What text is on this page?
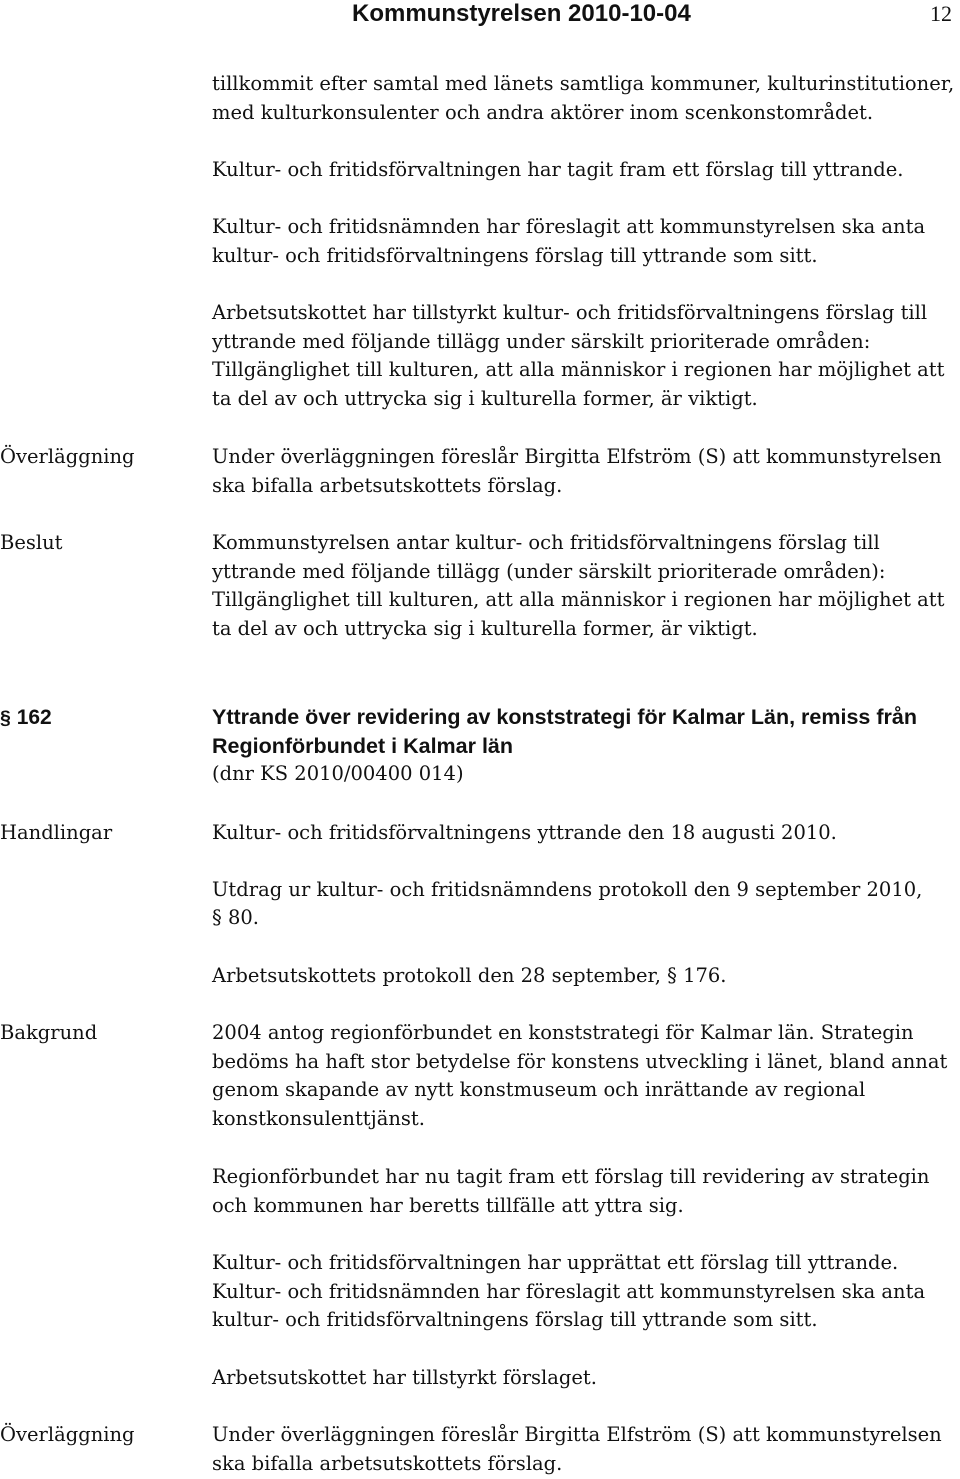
Kommunstyrelsen 2010-10-04	12

tillkommit efter samtal med länets samtliga kommuner, kulturinstitutioner, med kulturkonsulenter och andra aktörer inom scenkonstområdet.

Kultur- och fritidsförvaltningen har tagit fram ett förslag till yttrande.

Kultur- och fritidsnämnden har föreslagit att kommunstyrelsen ska anta kultur- och fritidsförvaltningens förslag till yttrande som sitt.

Arbetsutskottet har tillstyrkt kultur- och fritidsförvaltningens förslag till yttrande med följande tillägg under särskilt prioriterade områden: Tillgänglighet till kulturen, att alla människor i regionen har möjlighet att ta del av och uttrycka sig i kulturella former, är viktigt.

Överläggning	Under överläggningen föreslår Birgitta Elfström (S) att kommunstyrelsen ska bifalla arbetsutskottets förslag.

Beslut	Kommunstyrelsen antar kultur- och fritidsförvaltningens förslag till yttrande med följande tillägg (under särskilt prioriterade områden): Tillgänglighet till kulturen, att alla människor i regionen har möjlighet att ta del av och uttrycka sig i kulturella former, är viktigt.

§ 162	Yttrande över revidering av konststrategi för Kalmar Län, remiss från Regionförbundet i Kalmar län
(dnr KS 2010/00400 014)
Handlingar	Kultur- och fritidsförvaltningens yttrande den 18 augusti 2010.

Utdrag ur kultur- och fritidsnämndens protokoll den 9 september 2010,

§ 80.

Arbetsutskottets protokoll den 28 september, § 176.

Bakgrund	2004 antog regionförbundet en konststrategi för Kalmar län. Strategin bedöms ha haft stor betydelse för konstens utveckling i länet, bland annat genom skapande av nytt konstmuseum och inrättande av regional konstkonsulenttjänst.

Regionförbundet har nu tagit fram ett förslag till revidering av strategin och kommunen har beretts tillfälle att yttra sig.

Kultur- och fritidsförvaltningen har upprättat ett förslag till yttrande. Kultur- och fritidsnämnden har föreslagit att kommunstyrelsen ska anta kultur- och fritidsförvaltningens förslag till yttrande som sitt.

Arbetsutskottet har tillstyrkt förslaget.

Överläggning	Under överläggningen föreslår Birgitta Elfström (S) att kommunstyrelsen ska bifalla arbetsutskottets förslag.
